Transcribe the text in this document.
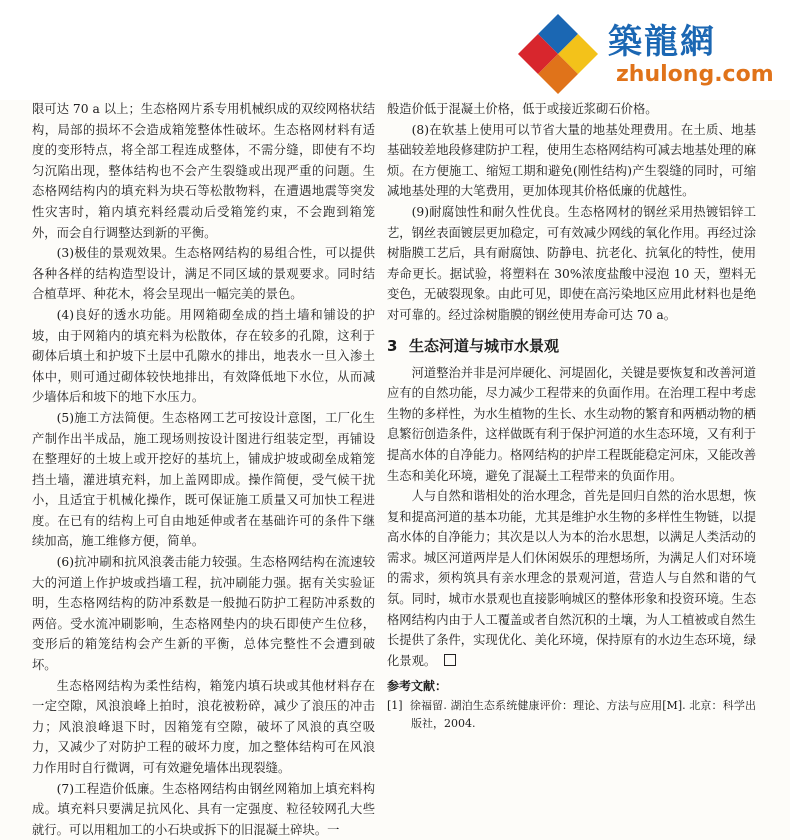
築龍網
zhulong.com

限可达 70 a 以上；生态格网片系专用机械织成的双绞网格状结构，局部的损坏不会造成箱笼整体性破坏。生态格网材料有适度的变形特点，将全部工程连成整体，不需分缝，即使有不均匀沉陷出现，整体结构也不会产生裂缝或出现严重的问题。生态格网结构内的填充料为块石等松散物料，在遭遇地震等突发性灾害时，箱内填充料经震动后受箱笼约束，不会跑到箱笼外，而会自行调整达到新的平衡。

(3)极佳的景观效果。生态格网结构的易组合性，可以提供各种各样的结构造型设计，满足不同区域的景观要求。同时结合植草坪、种花木，将会呈现出一幅完美的景色。

(4)良好的透水功能。用网箱砌垒成的挡土墙和铺设的护坡，由于网箱内的填充料为松散体，存在较多的孔隙，这利于砌体后填土和护坡下土层中孔隙水的排出，地表水一旦入渗土体中，则可通过砌体较快地排出，有效降低地下水位，从而减少墙体后和坡下的地下水压力。

(5)施工方法简便。生态格网工艺可按设计意图，工厂化生产制作出半成品，施工现场则按设计图进行组装定型，再铺设在整理好的土坡上或开挖好的基坑上，铺成护坡或砌垒成箱笼挡土墙，灌进填充料，加上盖网即成。操作简便，受气候干扰小，且适宜于机械化操作，既可保证施工质量又可加快工程进度。在已有的结构上可自由地延伸或者在基础许可的条件下继续加高，施工维修方便，简单。

(6)抗冲刷和抗风浪袭击能力较强。生态格网结构在流速较大的河道上作护坡或挡墙工程，抗冲刷能力强。据有关实验证明，生态格网结构的防冲系数是一般抛石防护工程防冲系数的两倍。受水流冲刷影响，生态格网垫内的块石即使产生位移，变形后的箱笼结构会产生新的平衡，总体完整性不会遭到破坏。

生态格网结构为柔性结构，箱笼内填石块或其他材料存在一定空隙，风浪浪峰上拍时，浪花被粉碎，减少了浪压的冲击力；风浪浪峰退下时，因箱笼有空隙，破坏了风浪的真空吸力，又减少了对防护工程的破坏力度，加之整体结构可在风浪力作用时自行微调，可有效避免墙体出现裂缝。

(7)工程造价低廉。生态格网结构由钢丝网箱加上填充料构成。填充料只要满足抗风化、具有一定强度、粒径较网孔大些就行。可以用粗加工的小石块或拆下的旧混凝土碎块。一

般造价低于混凝土价格，低于或接近浆砌石价格。

(8)在软基上使用可以节省大量的地基处理费用。在土质、地基基础较差地段修建防护工程，使用生态格网结构可减去地基处理的麻烦。在方便施工、缩短工期和避免(刚性结构)产生裂缝的同时，可缩减地基处理的大笔费用，更加体现其价格低廉的优越性。

(9)耐腐蚀性和耐久性优良。生态格网材的钢丝采用热镀铝锌工艺，钢丝表面镀层更加稳定，可有效减少网线的氧化作用。再经过涂树脂膜工艺后，具有耐腐蚀、防静电、抗老化、抗氧化的特性，使用寿命更长。据试验，将塑料在 30%浓度盐酸中浸泡 10 天，塑料无变色，无破裂现象。由此可见，即使在高污染地区应用此材料也是绝对可靠的。经过涂树脂膜的钢丝使用寿命可达 70 a。

3 生态河道与城市水景观

河道整治并非是河岸硬化、河堤固化，关键是要恢复和改善河道应有的自然功能，尽力减少工程带来的负面作用。在治理工程中考虑生物的多样性，为水生植物的生长、水生动物的繁育和两栖动物的栖息繁衍创造条件，这样做既有利于保护河道的水生态环境，又有利于提高水体的自净能力。格网结构的护岸工程既能稳定河床，又能改善生态和美化环境，避免了混凝土工程带来的负面作用。

人与自然和谐相处的治水理念，首先是回归自然的治水思想，恢复和提高河道的基本功能，尤其是维护水生物的多样性生物链，以提高水体的自净能力；其次是以人为本的治水思想，以满足人类活动的需求。城区河道两岸是人们休闲娱乐的理想场所，为满足人们对环境的需求，须构筑具有亲水理念的景观河道，营造人与自然和谐的气氛。同时，城市水景观也直接影响城区的整体形象和投资环境。生态格网结构内由于人工覆盖或者自然沉积的土壤，为人工植被或自然生长提供了条件，实现优化、美化环境，保持原有的水边生态环境，绿化景观。

参考文献：
[1] 徐福留. 湖泊生态系统健康评价：理论、方法与应用[M]. 北京：科学出版社，2004.
